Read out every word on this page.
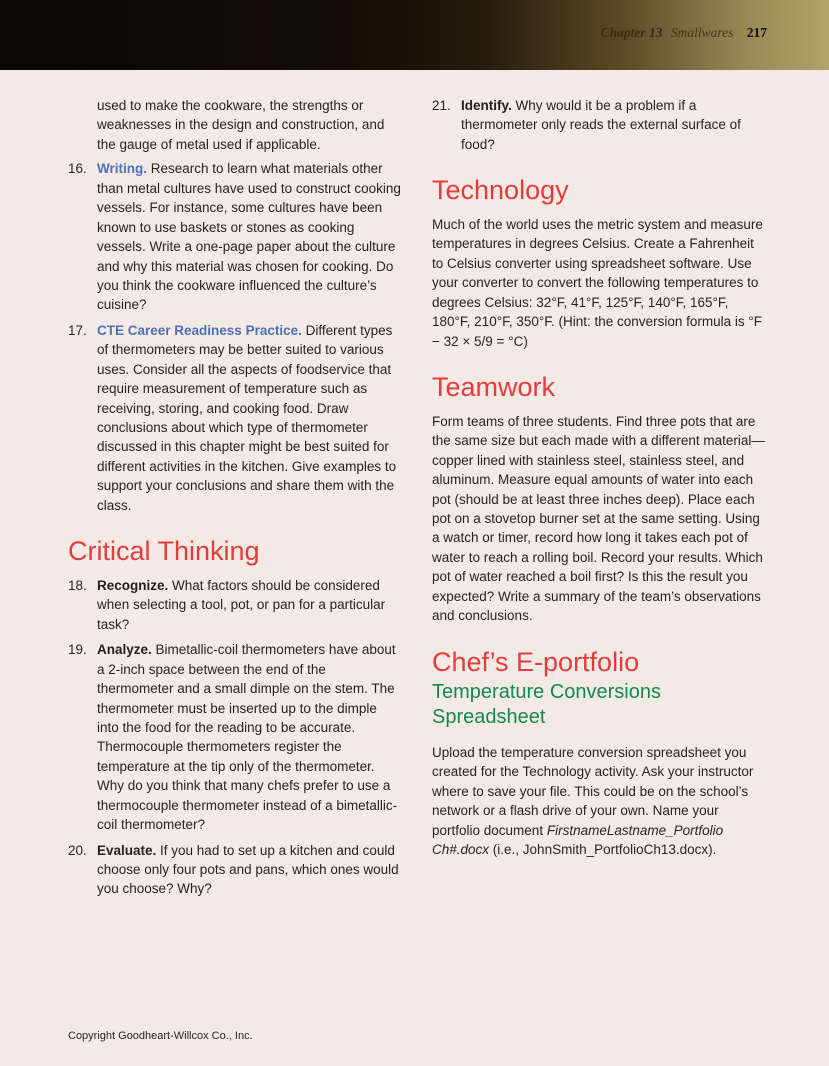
Chapter 13 Smallwares 217

used to make the cookware, the strengths or weaknesses in the design and construction, and the gauge of metal used if applicable.

16. Writing. Research to learn what materials other than metal cultures have used to construct cooking vessels. For instance, some cultures have been known to use baskets or stones as cooking vessels. Write a one-page paper about the culture and why this material was chosen for cooking. Do you think the cookware influenced the culture’s cuisine?
17. CTE Career Readiness Practice. Different types of thermometers may be better suited to various uses. Consider all the aspects of foodservice that require measurement of temperature such as receiving, storing, and cooking food. Draw conclusions about which type of thermometer discussed in this chapter might be best suited for different activities in the kitchen. Give examples to support your conclusions and share them with the class.
Critical Thinking
18. Recognize. What factors should be considered when selecting a tool, pot, or pan for a particular task?
19. Analyze. Bimetallic-coil thermometers have about a 2-inch space between the end of the thermometer and a small dimple on the stem. The thermometer must be inserted up to the dimple into the food for the reading to be accurate. Thermocouple thermometers register the temperature at the tip only of the thermometer. Why do you think that many chefs prefer to use a thermocouple thermometer instead of a bimetallic-coil thermometer?
20. Evaluate. If you had to set up a kitchen and could choose only four pots and pans, which ones would you choose? Why?
21. Identify. Why would it be a problem if a thermometer only reads the external surface of food?
Technology

Much of the world uses the metric system and measure temperatures in degrees Celsius. Create a Fahrenheit to Celsius converter using spreadsheet software. Use your converter to convert the following temperatures to degrees Celsius: 32°F, 41°F, 125°F, 140°F, 165°F, 180°F, 210°F, 350°F. (Hint: the conversion formula is °F − 32 × 5/9 = °C)

Teamwork

Form teams of three students. Find three pots that are the same size but each made with a different material—copper lined with stainless steel, stainless steel, and aluminum. Measure equal amounts of water into each pot (should be at least three inches deep). Place each pot on a stovetop burner set at the same setting. Using a watch or timer, record how long it takes each pot of water to reach a rolling boil. Record your results. Which pot of water reached a boil first? Is this the result you expected? Write a summary of the team’s observations and conclusions.

Chef’s E-portfolio
Temperature Conversions Spreadsheet

Upload the temperature conversion spreadsheet you created for the Technology activity. Ask your instructor where to save your file. This could be on the school’s network or a flash drive of your own. Name your portfolio document FirstnameLastname_Portfolio Ch#.docx (i.e., JohnSmith_PortfolioCh13.docx).

Copyright Goodheart-Willcox Co., Inc.
